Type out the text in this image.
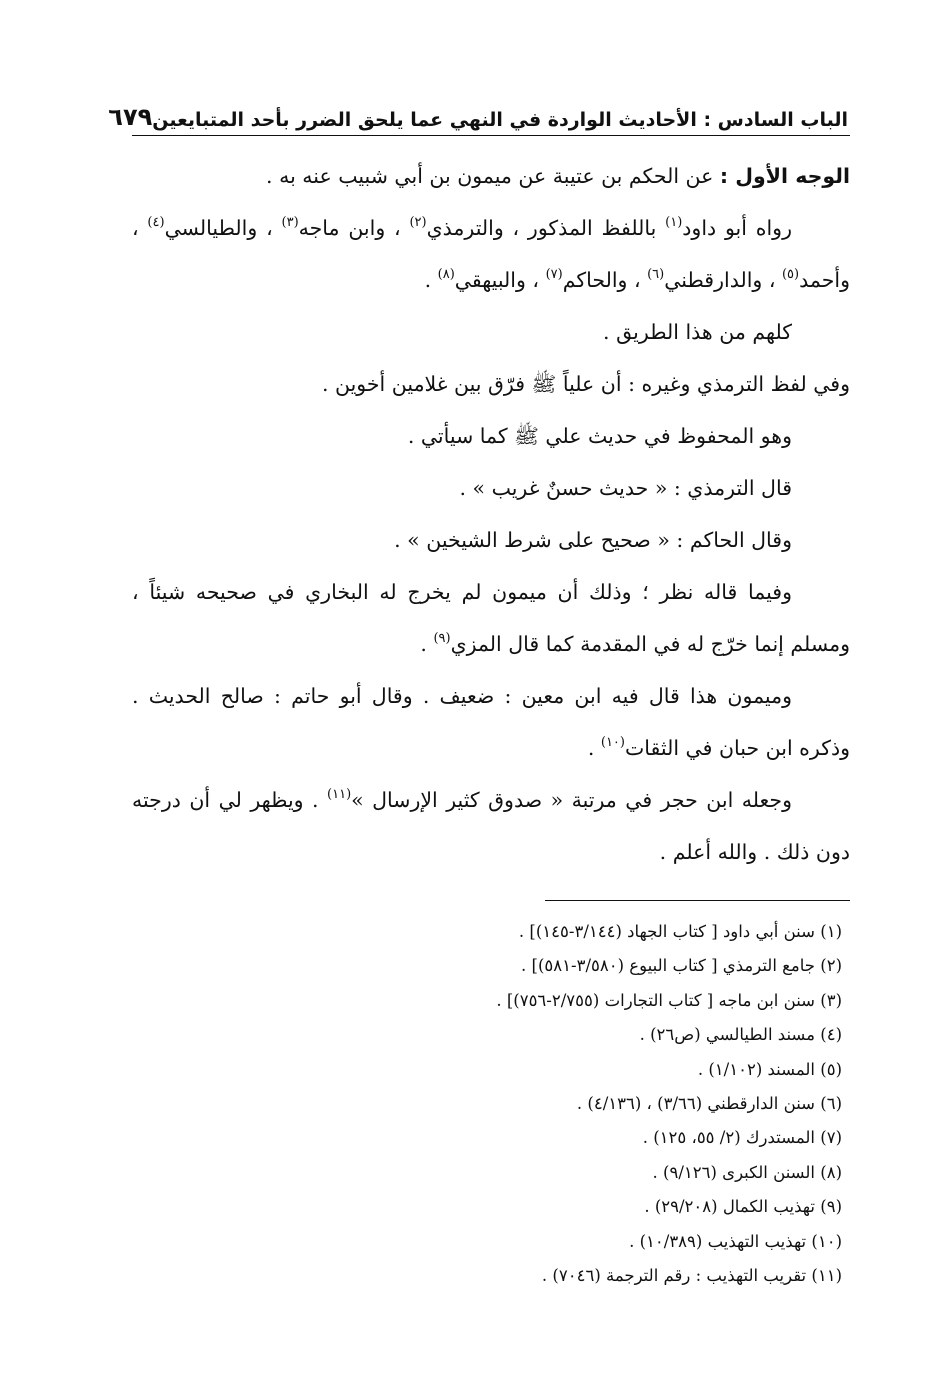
الباب السادس : الأحاديث الواردة في النهي عما يلحق الضرر بأحد المتبايعين
٦٧٩

الوجه الأول : عن الحكم بن عتيبة عن ميمون بن أبي شبيب عنه به .

رواه أبو داود$^{(١)}$ باللفظ المذكور ، والترمذي$^{(٢)}$ ، وابن ماجه$^{(٣)}$ ، والطيالسي$^{(٤)}$ ، وأحمد$^{(٥)}$ ، والدارقطني$^{(٦)}$ ، والحاكم$^{(٧)}$ ، والبيهقي$^{(٨)}$ .

كلهم من هذا الطريق .

وفي لفظ الترمذي وغيره : أن علياً ﷺ فرّق بين غلامين أخوين .

وهو المحفوظ في حديث علي ﷺ كما سيأتي .

قال الترمذي : « حديث حسنٌ غريب » .

وقال الحاكم : « صحيح على شرط الشيخين » .

وفيما قاله نظر ؛ وذلك أن ميمون لم يخرج له البخاري في صحيحه شيئاً ، ومسلم إنما خرّج له في المقدمة كما قال المزي$^{(٩)}$ .

وميمون هذا قال فيه ابن معين : ضعيف . وقال أبو حاتم : صالح الحديث . وذكره ابن حبان في الثقات$^{(١٠)}$ .

وجعله ابن حجر في مرتبة « صدوق كثير الإرسال »$^{(١١)}$ . ويظهر لي أن درجته دون ذلك . والله أعلم .

(١) سنن أبي داود [ كتاب الجهاد (٣/١٤٤-١٤٥)] .
(٢) جامع الترمذي [ كتاب البيوع (٣/٥٨٠-٥٨١)] .
(٣) سنن ابن ماجه [ كتاب التجارات (٢/٧٥٥-٧٥٦)] .
(٤) مسند الطيالسي (ص٢٦) .
(٥) المسند (١/١٠٢) .
(٦) سنن الدارقطني (٣/٦٦) ، (٤/١٣٦) .
(٧) المستدرك (٢/ ٥٥، ١٢٥) .
(٨) السنن الكبرى (٩/١٢٦) .
(٩) تهذيب الكمال (٢٩/٢٠٨) .
(١٠) تهذيب التهذيب (١٠/٣٨٩) .
(١١) تقريب التهذيب : رقم الترجمة (٧٠٤٦) .
